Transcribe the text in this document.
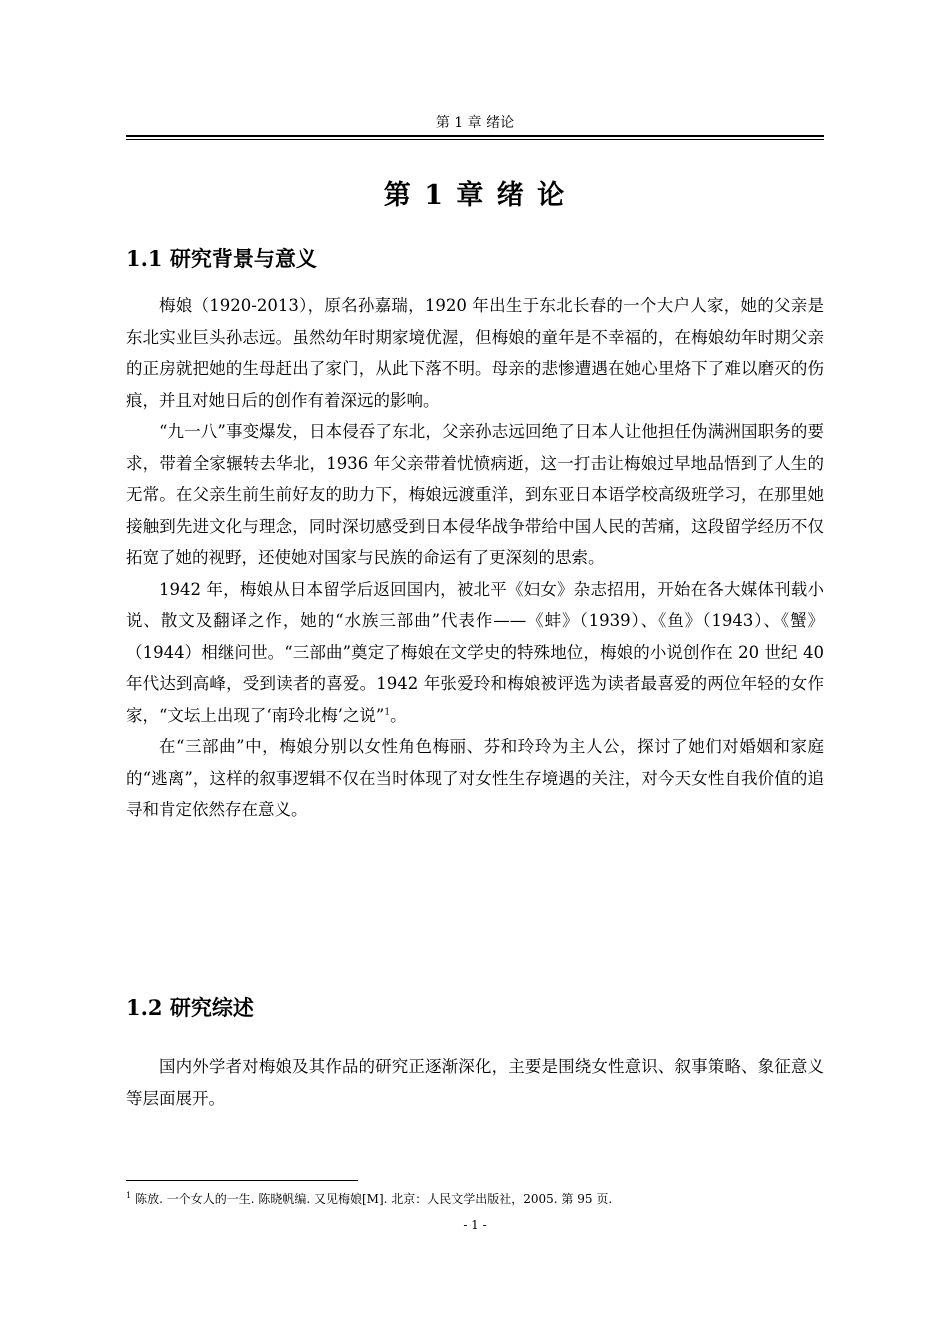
第 1 章 绪论
第 1 章 绪 论
1.1 研究背景与意义

梅娘（1920-2013），原名孙嘉瑞，1920 年出生于东北长春的一个大户人家，她的父亲是东北实业巨头孙志远。虽然幼年时期家境优渥，但梅娘的童年是不幸福的，在梅娘幼年时期父亲的正房就把她的生母赶出了家门，从此下落不明。母亲的悲惨遭遇在她心里烙下了难以磨灭的伤痕，并且对她日后的创作有着深远的影响。

“九一八”事变爆发，日本侵吞了东北，父亲孙志远回绝了日本人让他担任伪满洲国职务的要求，带着全家辗转去华北，1936 年父亲带着忧愤病逝，这一打击让梅娘过早地品悟到了人生的无常。在父亲生前生前好友的助力下，梅娘远渡重洋，到东亚日本语学校高级班学习，在那里她接触到先进文化与理念，同时深切感受到日本侵华战争带给中国人民的苦痛，这段留学经历不仅拓宽了她的视野，还使她对国家与民族的命运有了更深刻的思索。

1942 年，梅娘从日本留学后返回国内，被北平《妇女》杂志招用，开始在各大媒体刊载小说、散文及翻译之作，她的“水族三部曲”代表作——《蚌》（1939）、《鱼》（1943）、《蟹》（1944）相继问世。“三部曲”奠定了梅娘在文学史的特殊地位，梅娘的小说创作在 20 世纪 40 年代达到高峰，受到读者的喜爱。1942 年张爱玲和梅娘被评选为读者最喜爱的两位年轻的女作家，“文坛上出现了‘南玲北梅’之说”$^1$。

在“三部曲”中，梅娘分别以女性角色梅丽、芬和玲玲为主人公，探讨了她们对婚姻和家庭的“逃离”，这样的叙事逻辑不仅在当时体现了对女性生存境遇的关注，对今天女性自我价值的追寻和肯定依然存在意义。

1.2 研究综述

国内外学者对梅娘及其作品的研究正逐渐深化，主要是围绕女性意识、叙事策略、象征意义等层面展开。

$^1$ 陈放. 一个女人的一生. 陈晓帆编. 又见梅娘[M]. 北京：人民文学出版社，2005. 第 95 页.
- 1 -
